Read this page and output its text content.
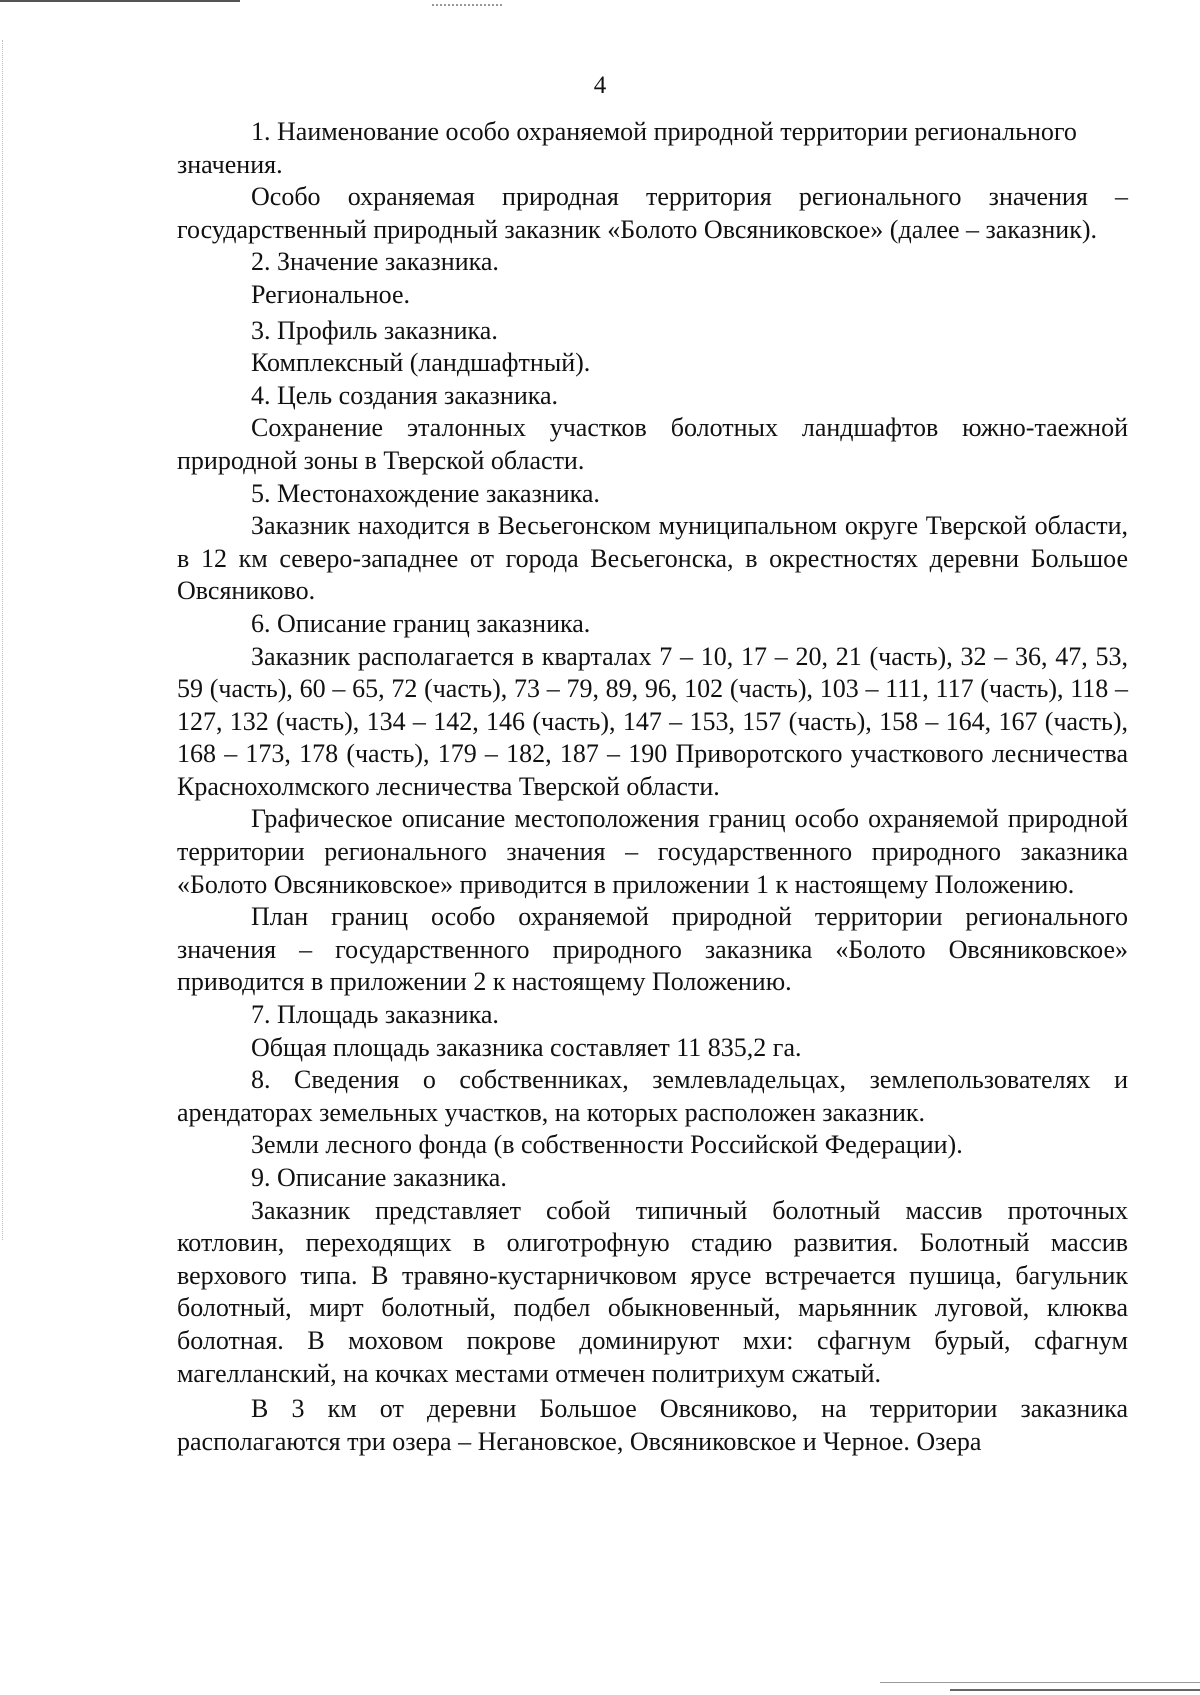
4

1. Наименование особо охраняемой природной территории регионального значения.

Особо охраняемая природная территория регионального значения – государственный природный заказник «Болото Овсяниковское» (далее – заказник).

2. Значение заказника.

Региональное.

3. Профиль заказника.

Комплексный (ландшафтный).

4. Цель создания заказника.

Сохранение эталонных участков болотных ландшафтов южно-таежной природной зоны в Тверской области.

5. Местонахождение заказника.

Заказник находится в Весьегонском муниципальном округе Тверской области, в 12 км северо-западнее от города Весьегонска, в окрестностях деревни Большое Овсяниково.

6. Описание границ заказника.

Заказник располагается в кварталах 7 – 10, 17 – 20, 21 (часть), 32 – 36, 47, 53, 59 (часть), 60 – 65, 72 (часть), 73 – 79, 89, 96, 102 (часть), 103 – 111, 117 (часть), 118 – 127, 132 (часть), 134 – 142, 146 (часть), 147 – 153, 157 (часть), 158 – 164, 167 (часть), 168 – 173, 178 (часть), 179 – 182, 187 – 190 Приворотского участкового лесничества Краснохолмского лесничества Тверской области.

Графическое описание местоположения границ особо охраняемой природной территории регионального значения – государственного природного заказника «Болото Овсяниковское» приводится в приложении 1 к настоящему Положению.

План границ особо охраняемой природной территории регионального значения – государственного природного заказника «Болото Овсяниковское» приводится в приложении 2 к настоящему Положению.

7. Площадь заказника.

Общая площадь заказника составляет 11 835,2 га.

8. Сведения о собственниках, землевладельцах, землепользователях и арендаторах земельных участков, на которых расположен заказник.

Земли лесного фонда (в собственности Российской Федерации).

9. Описание заказника.

Заказник представляет собой типичный болотный массив проточных котловин, переходящих в олиготрофную стадию развития. Болотный массив верхового типа. В травяно-кустарничковом ярусе встречается пушица, багульник болотный, мирт болотный, подбел обыкновенный, марьянник луговой, клюква болотная. В моховом покрове доминируют мхи: сфагнум бурый, сфагнум магелланский, на кочках местами отмечен политрихум сжатый.

В 3 км от деревни Большое Овсяниково, на территории заказника располагаются три озера – Негановское, Овсяниковское и Черное. Озера
